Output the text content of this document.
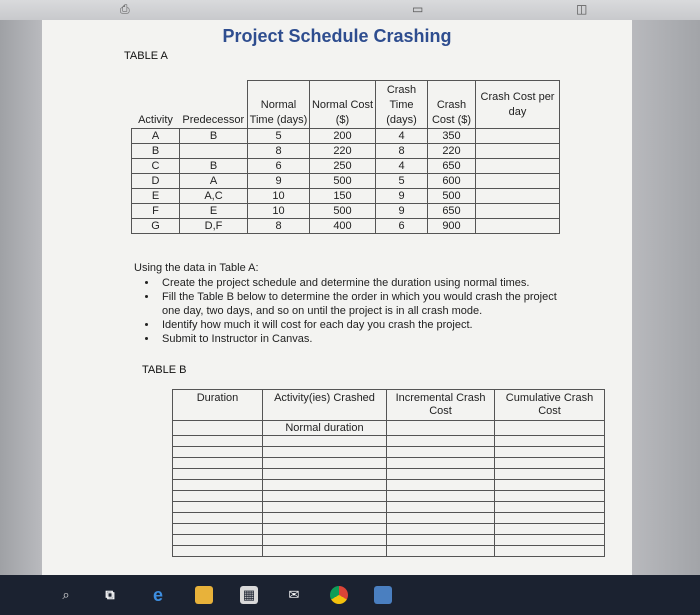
⎙	▭	◫
Project Schedule Crashing
TABLE A
Activity	Predecessor	Normal Time (days)	Normal Cost ($)	Crash Time (days)	Crash Cost ($)	Crash Cost per day
A	B	5	200	4	350	
B		8	220	8	220	
C	B	6	250	4	650	
D	A	9	500	5	600	
E	A,C	10	150	9	500	
F	E	10	500	9	650	
G	D,F	8	400	6	900	
Using the data in Table A:
• Create the project schedule and determine the duration using normal times.
• Fill the Table B below to determine the order in which you would crash the project one day, two days, and so on until the project is in all crash mode.
• Identify how much it will cost for each day you crash the project.
• Submit to Instructor in Canvas.
TABLE B
Duration	Activity(ies) Crashed	Incremental Crash Cost	Cumulative Crash Cost
	Normal duration		

⌕	⧉ e	▦	✉
